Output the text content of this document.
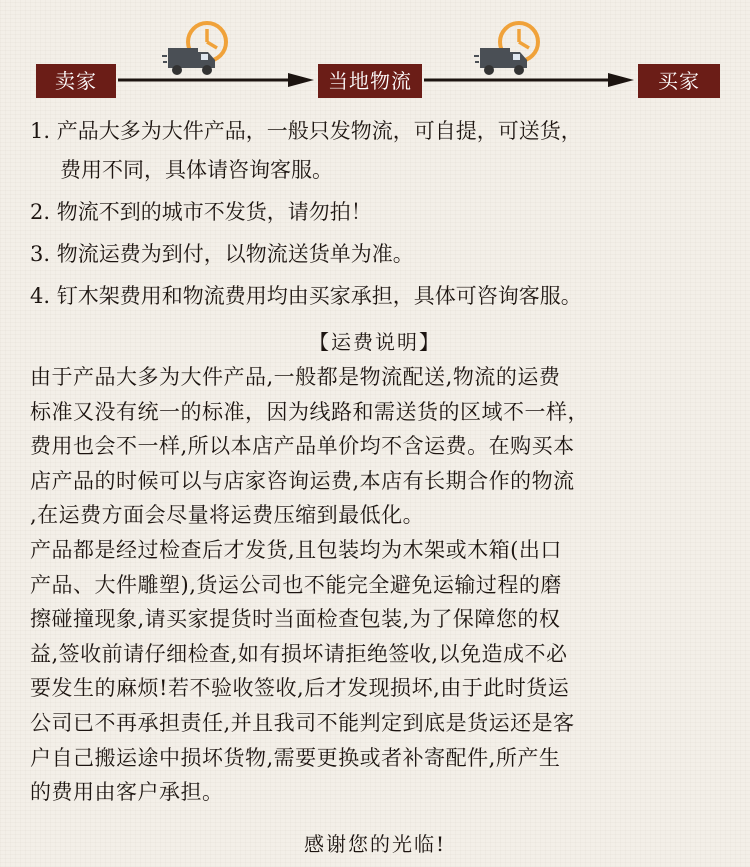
卖家	当地物流	买家
1. 产品大多为大件产品，一般只发物流，可自提，可送货，
费用不同，具体请咨询客服。
2. 物流不到的城市不发货，请勿拍！
3. 物流运费为到付，以物流送货单为准。
4. 钉木架费用和物流费用均由买家承担，具体可咨询客服。
【运费说明】
由于产品大多为大件产品,一般都是物流配送,物流的运费
标准又没有统一的标准，因为线路和需送货的区域不一样，
费用也会不一样,所以本店产品单价均不含运费。在购买本
店产品的时候可以与店家咨询运费,本店有长期合作的物流
,在运费方面会尽量将运费压缩到最低化。
产品都是经过检查后才发货,且包装均为木架或木箱(出口
产品、大件雕塑),货运公司也不能完全避免运输过程的磨
擦碰撞现象,请买家提货时当面检查包装,为了保障您的权
益,签收前请仔细检查,如有损坏请拒绝签收,以免造成不必
要发生的麻烦!若不验收签收,后才发现损坏,由于此时货运
公司已不再承担责任,并且我司不能判定到底是货运还是客
户自己搬运途中损坏货物,需要更换或者补寄配件,所产生
的费用由客户承担。
感谢您的光临!
